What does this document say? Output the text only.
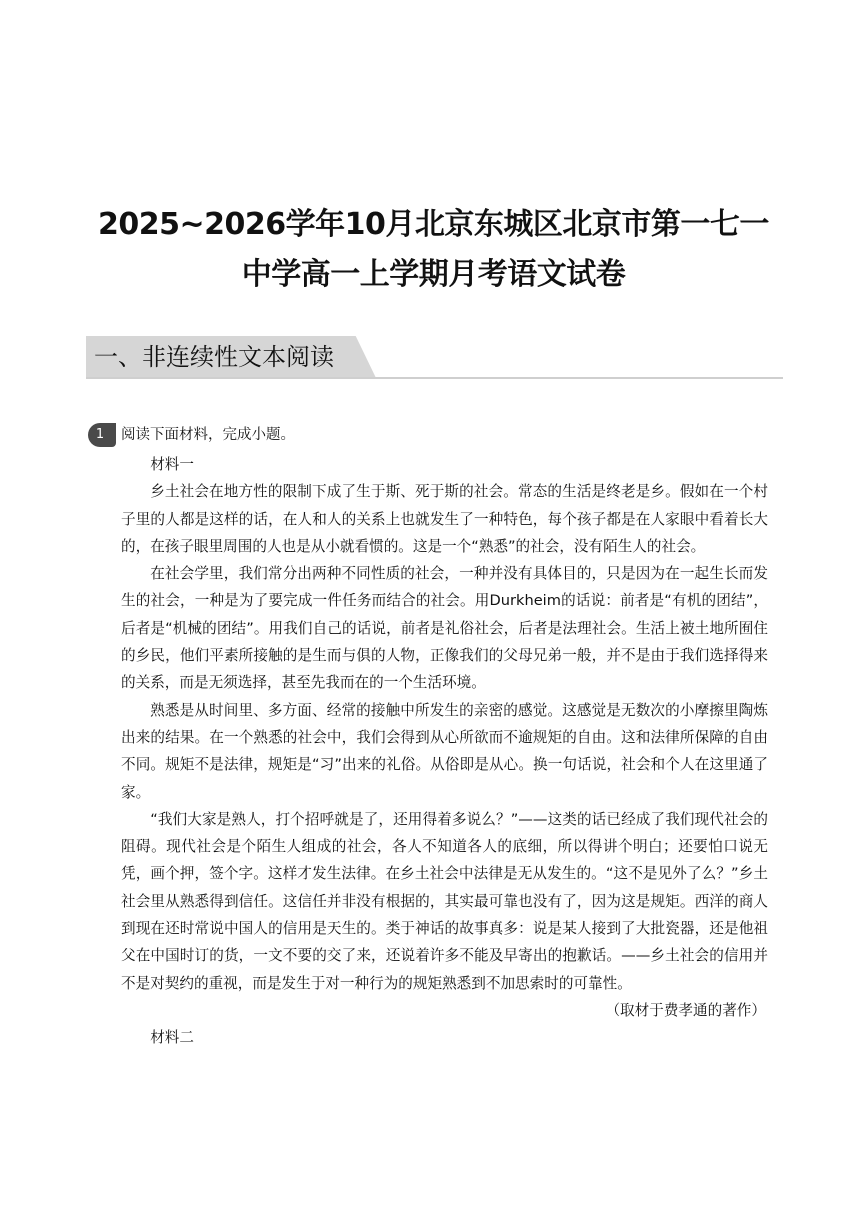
2025~2026学年10月北京东城区北京市第一七一
中学高一上学期月考语文试卷
一、非连续性文本阅读
1	阅读下面材料，完成小题。

材料一

乡土社会在地方性的限制下成了生于斯、死于斯的社会。常态的生活是终老是乡。假如在一个村子里的人都是这样的话，在人和人的关系上也就发生了一种特色，每个孩子都是在人家眼中看着长大的，在孩子眼里周围的人也是从小就看惯的。这是一个“熟悉”的社会，没有陌生人的社会。

在社会学里，我们常分出两种不同性质的社会，一种并没有具体目的，只是因为在一起生长而发生的社会，一种是为了要完成一件任务而结合的社会。用Durkheim的话说：前者是“有机的团结”，后者是“机械的团结”。用我们自己的话说，前者是礼俗社会，后者是法理社会。生活上被土地所囿住的乡民，他们平素所接触的是生而与俱的人物，正像我们的父母兄弟一般，并不是由于我们选择得来的关系，而是无须选择，甚至先我而在的一个生活环境。

熟悉是从时间里、多方面、经常的接触中所发生的亲密的感觉。这感觉是无数次的小摩擦里陶炼出来的结果。在一个熟悉的社会中，我们会得到从心所欲而不逾规矩的自由。这和法律所保障的自由不同。规矩不是法律，规矩是“习”出来的礼俗。从俗即是从心。换一句话说，社会和个人在这里通了家。

“我们大家是熟人，打个招呼就是了，还用得着多说么？”——这类的话已经成了我们现代社会的阻碍。现代社会是个陌生人组成的社会，各人不知道各人的底细，所以得讲个明白；还要怕口说无凭，画个押，签个字。这样才发生法律。在乡土社会中法律是无从发生的。“这不是见外了么？”乡土社会里从熟悉得到信任。这信任并非没有根据的，其实最可靠也没有了，因为这是规矩。西洋的商人到现在还时常说中国人的信用是天生的。类于神话的故事真多：说是某人接到了大批瓷器，还是他祖父在中国时订的货，一文不要的交了来，还说着许多不能及早寄出的抱歉话。——乡土社会的信用并不是对契约的重视，而是发生于对一种行为的规矩熟悉到不加思索时的可靠性。

（取材于费孝通的著作）

材料二
